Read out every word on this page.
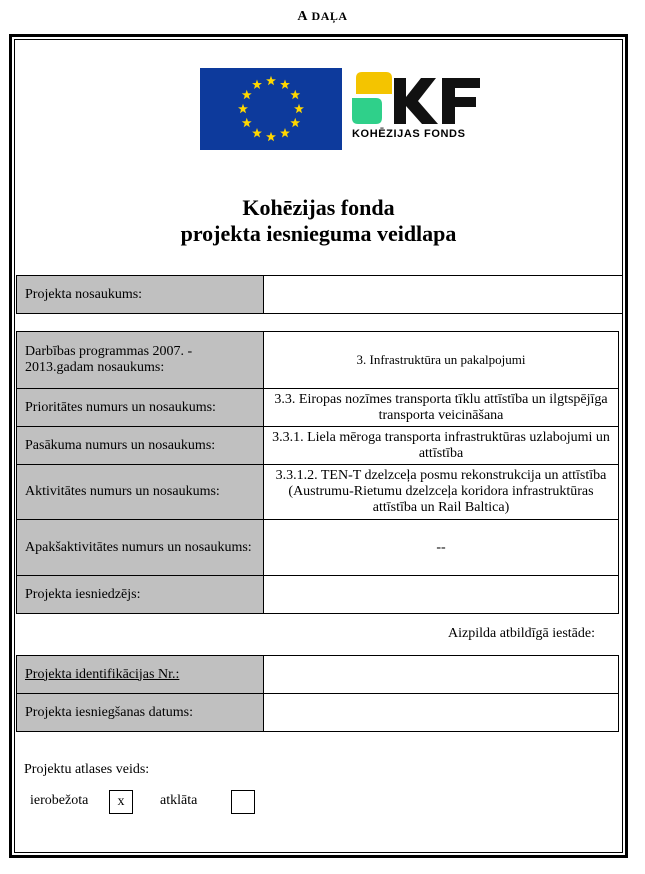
A DAĻA
KOHĒZIJAS FONDS
Kohēzijas fonda
projekta iesnieguma veidlapa
Projekta nosaukums:	
Darbības programmas 2007. - 2013.gadam nosaukums:	3. Infrastruktūra un pakalpojumi
Prioritātes numurs un nosaukums:	3.3. Eiropas nozīmes transporta tīklu attīstība un ilgtspējīga transporta veicināšana
Pasākuma numurs un nosaukums:	3.3.1. Liela mēroga transporta infrastruktūras uzlabojumi un attīstība
Aktivitātes numurs un nosaukums:	3.3.1.2. TEN-T dzelzceļa posmu rekonstrukcija un attīstība (Austrumu-Rietumu dzelzceļa koridora infrastruktūras attīstība un Rail Baltica)
Apakšaktivitātes numurs un nosaukums:	--
Projekta iesniedzējs:	
Aizpilda atbildīgā iestāde:
Projekta identifikācijas Nr.:	
Projekta iesniegšanas datums:	
Projektu atlases veids:
ierobežota	x	atklāta
